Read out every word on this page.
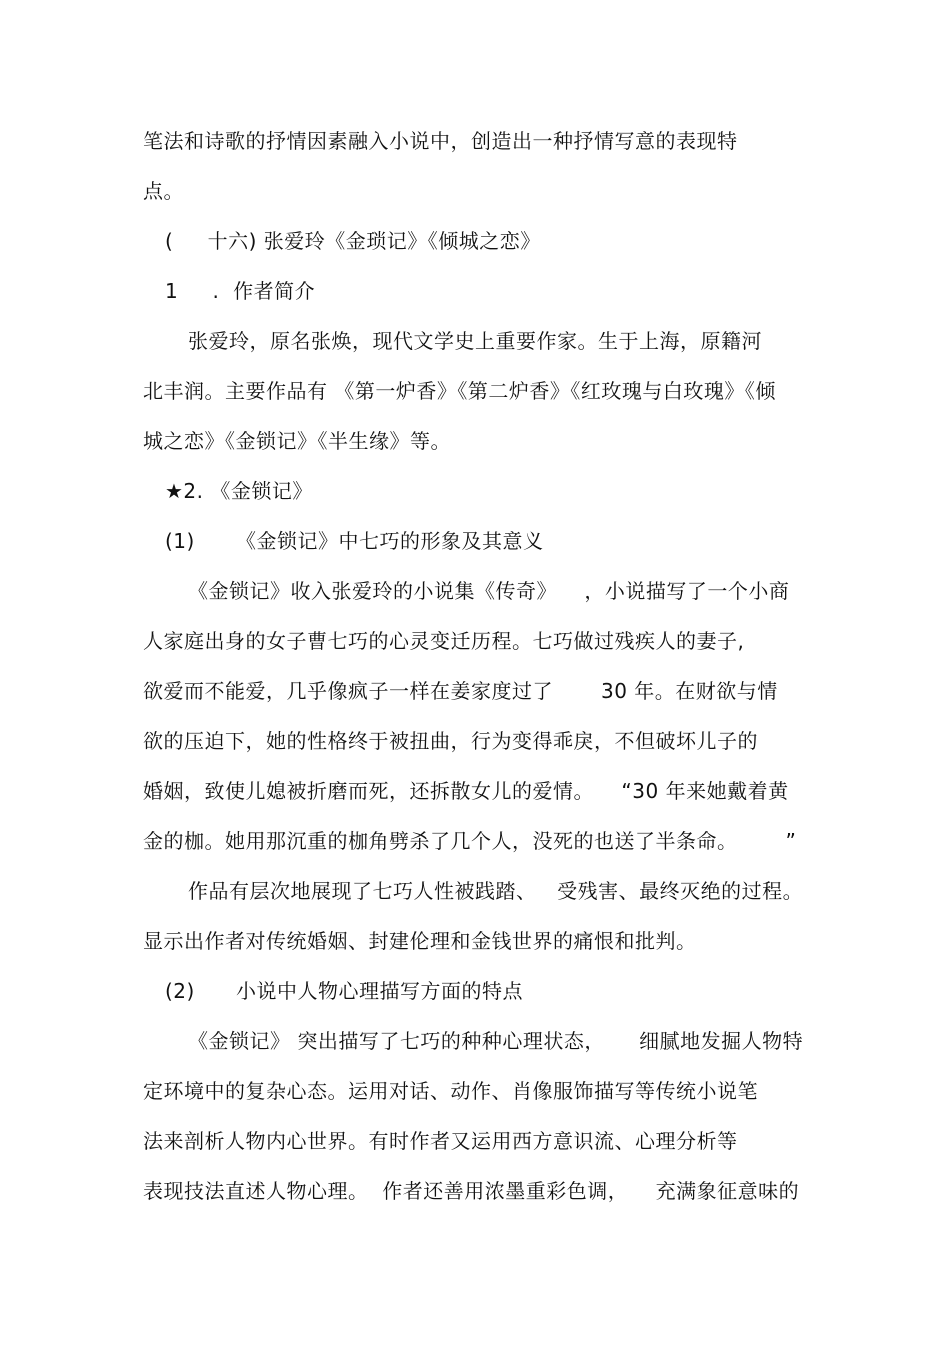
笔法和诗歌的抒情因素融入小说中，创造出一种抒情写意的表现特
点。
(     十六) 张爱玲《金琐记》《倾城之恋》
1     .  作者简介
张爱玲，原名张焕，现代文学史上重要作家。生于上海，原籍河
北丰润。主要作品有 《第一炉香》《第二炉香》《红玫瑰与白玫瑰》《倾
城之恋》《金锁记》《半生缘》等。
★2. 《金锁记》
(1)      《金锁记》中七巧的形象及其意义
《金锁记》收入张爱玲的小说集《传奇》    ，小说描写了一个小商
人家庭出身的女子曹七巧的心灵变迁历程。七巧做过残疾人的妻子,
欲爱而不能爱，几乎像疯子一样在姜家度过了       30 年。在财欲与情
欲的压迫下，她的性格终于被扭曲，行为变得乖戾，不但破坏儿子的
婚姻，致使儿媳被折磨而死，还拆散女儿的爱情。    “30 年来她戴着黄
金的枷。她用那沉重的枷角劈杀了几个人，没死的也送了半条命。       ”
作品有层次地展现了七巧人性被践踏、   受残害、最终灭绝的过程。
显示出作者对传统婚姻、封建伦理和金钱世界的痛恨和批判。
(2)      小说中人物心理描写方面的特点
《金锁记》 突出描写了七巧的种种心理状态，     细腻地发掘人物特
定环境中的复杂心态。运用对话、动作、肖像服饰描写等传统小说笔
法来剖析人物内心世界。有时作者又运用西方意识流、心理分析等
表现技法直述人物心理。  作者还善用浓墨重彩色调，    充满象征意味的
